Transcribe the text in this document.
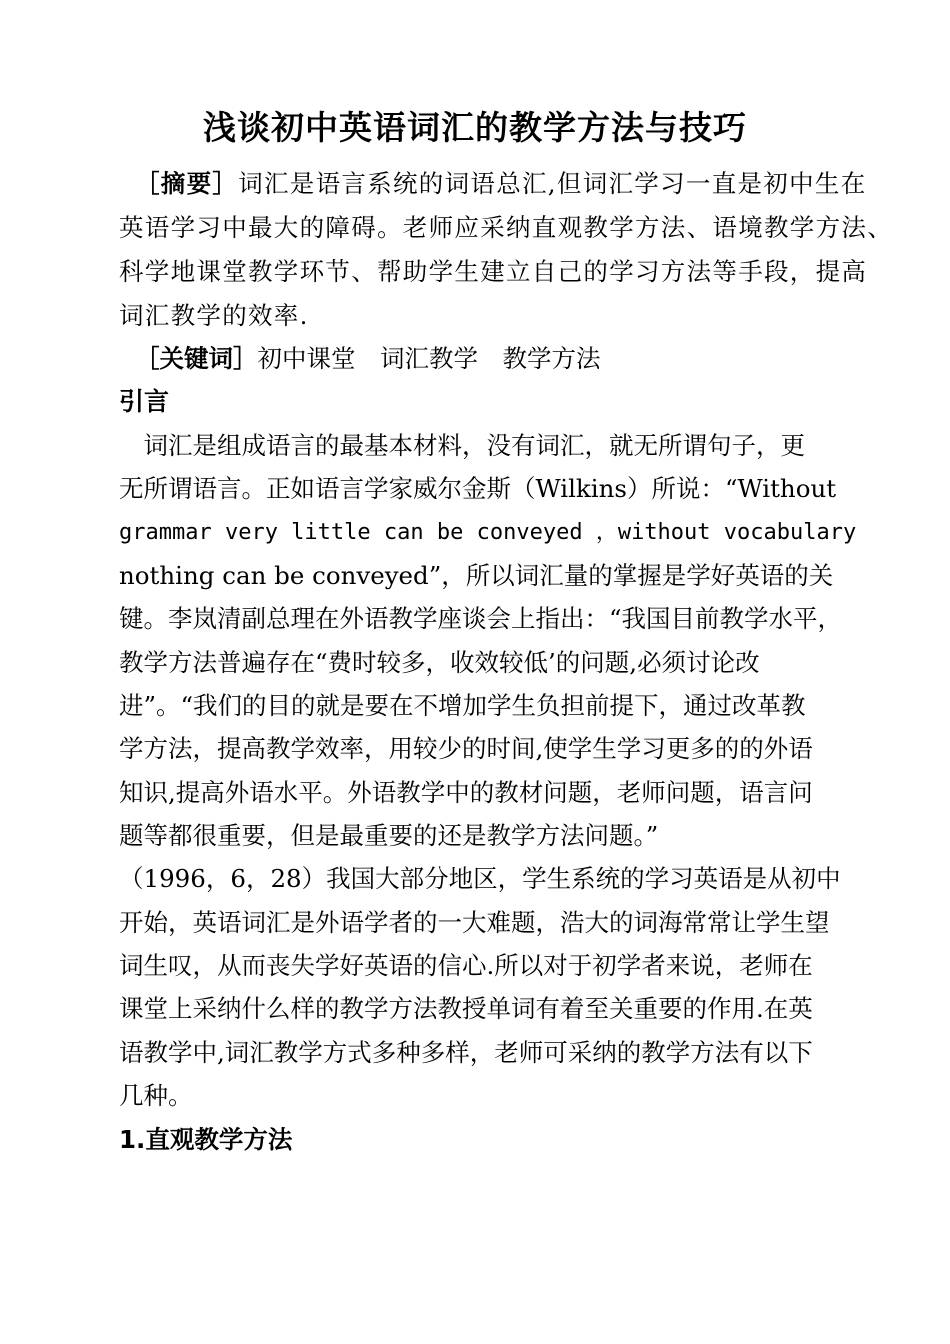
浅谈初中英语词汇的教学方法与技巧
［摘要］词汇是语言系统的词语总汇,但词汇学习一直是初中生在
英语学习中最大的障碍。老师应采纳直观教学方法、语境教学方法、
科学地课堂教学环节、帮助学生建立自己的学习方法等手段，提高
词汇教学的效率.
［关键词］初中课堂　词汇教学　教学方法
引言
　词汇是组成语言的最基本材料，没有词汇，就无所谓句子，更
无所谓语言。正如语言学家威尔金斯（Wilkins）所说：“Without
grammar very little can be conveyed ，without vocabulary
nothing can be conveyed”，所以词汇量的掌握是学好英语的关
键。李岚清副总理在外语教学座谈会上指出：“我国目前教学水平，
教学方法普遍存在“费时较多，收效较低’的问题,必须讨论改
进”。“我们的目的就是要在不增加学生负担前提下，通过改革教
学方法，提高教学效率，用较少的时间,使学生学习更多的的外语
知识,提高外语水平。外语教学中的教材问题，老师问题，语言问
题等都很重要，但是最重要的还是教学方法问题。”
（1996，6，28）我国大部分地区，学生系统的学习英语是从初中
开始，英语词汇是外语学者的一大难题，浩大的词海常常让学生望
词生叹，从而丧失学好英语的信心.所以对于初学者来说，老师在
课堂上采纳什么样的教学方法教授单词有着至关重要的作用.在英
语教学中,词汇教学方式多种多样，老师可采纳的教学方法有以下
几种。
1.直观教学方法
